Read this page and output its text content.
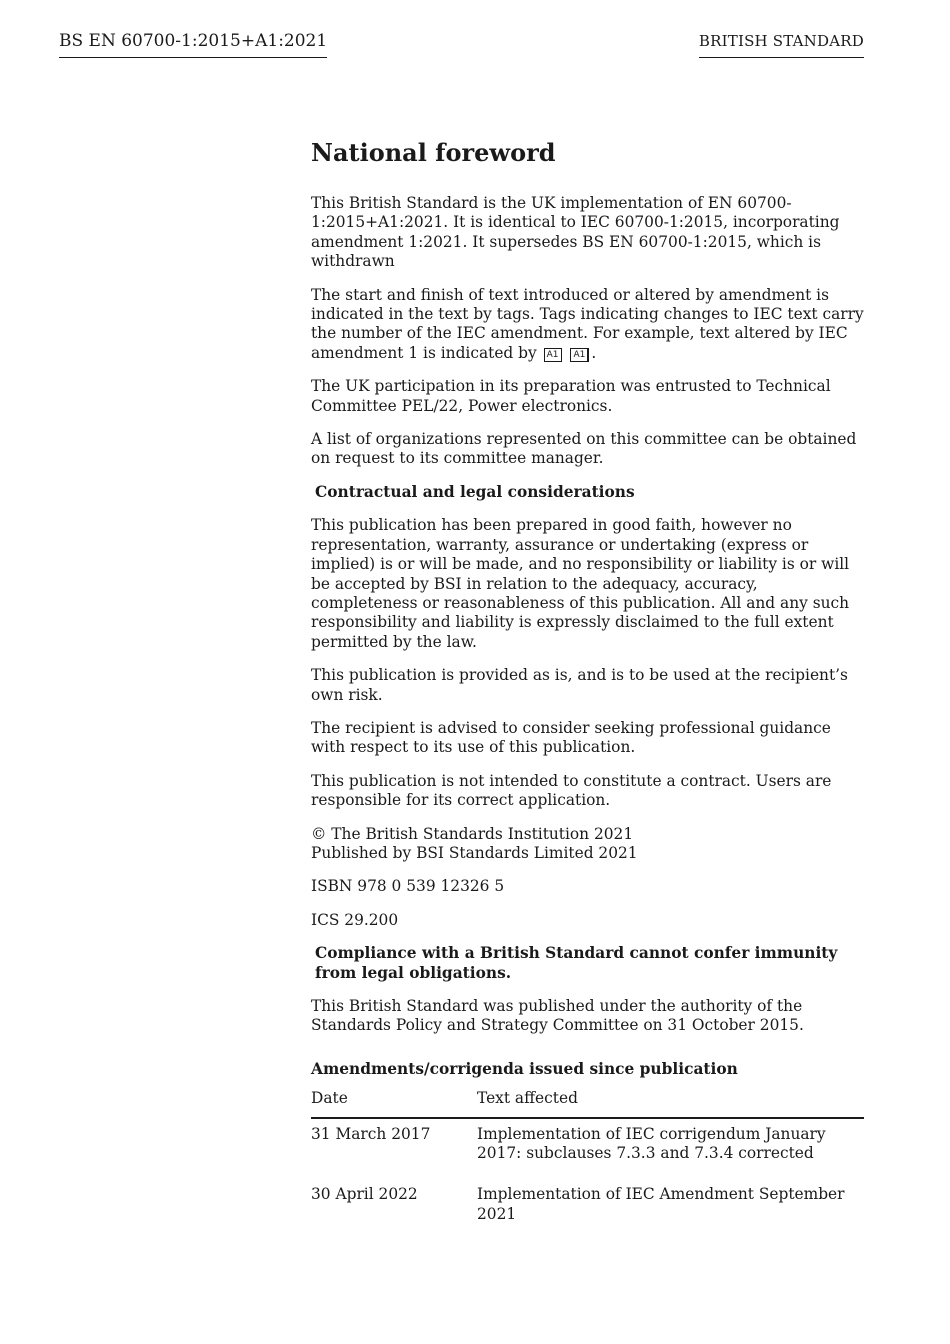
BS EN 60700-1:2015+A1:2021	BRITISH STANDARD
National foreword

This British Standard is the UK implementation of EN 60700-1:2015+A1:2021. It is identical to IEC 60700-1:2015, incorporating amendment 1:2021. It supersedes BS EN 60700-1:2015, which is withdrawn

The start and finish of text introduced or altered by amendment is indicated in the text by tags. Tags indicating changes to IEC text carry the number of the IEC amendment. For example, text altered by IEC amendment 1 is indicated by A1 A1 .

The UK participation in its preparation was entrusted to Technical Committee PEL/22, Power electronics.

A list of organizations represented on this committee can be obtained on request to its committee manager.

Contractual and legal considerations

This publication has been prepared in good faith, however no representation, warranty, assurance or undertaking (express or implied) is or will be made, and no responsibility or liability is or will be accepted by BSI in relation to the adequacy, accuracy, completeness or reasonableness of this publication. All and any such responsibility and liability is expressly disclaimed to the full extent permitted by the law.

This publication is provided as is, and is to be used at the recipient’s own risk.

The recipient is advised to consider seeking professional guidance with respect to its use of this publication.

This publication is not intended to constitute a contract. Users are responsible for its correct application.

© The British Standards Institution 2021
Published by BSI Standards Limited 2021

ISBN 978 0 539 12326 5

ICS 29.200

Compliance with a British Standard cannot confer immunity from legal obligations.

This British Standard was published under the authority of the Standards Policy and Strategy Committee on 31 October 2015.

Amendments/corrigenda issued since publication

Date	Text affected
31 March 2017	Implementation of IEC corrigendum January 2017: subclauses 7.3.3 and 7.3.4 corrected
30 April 2022	Implementation of IEC Amendment September 2021
